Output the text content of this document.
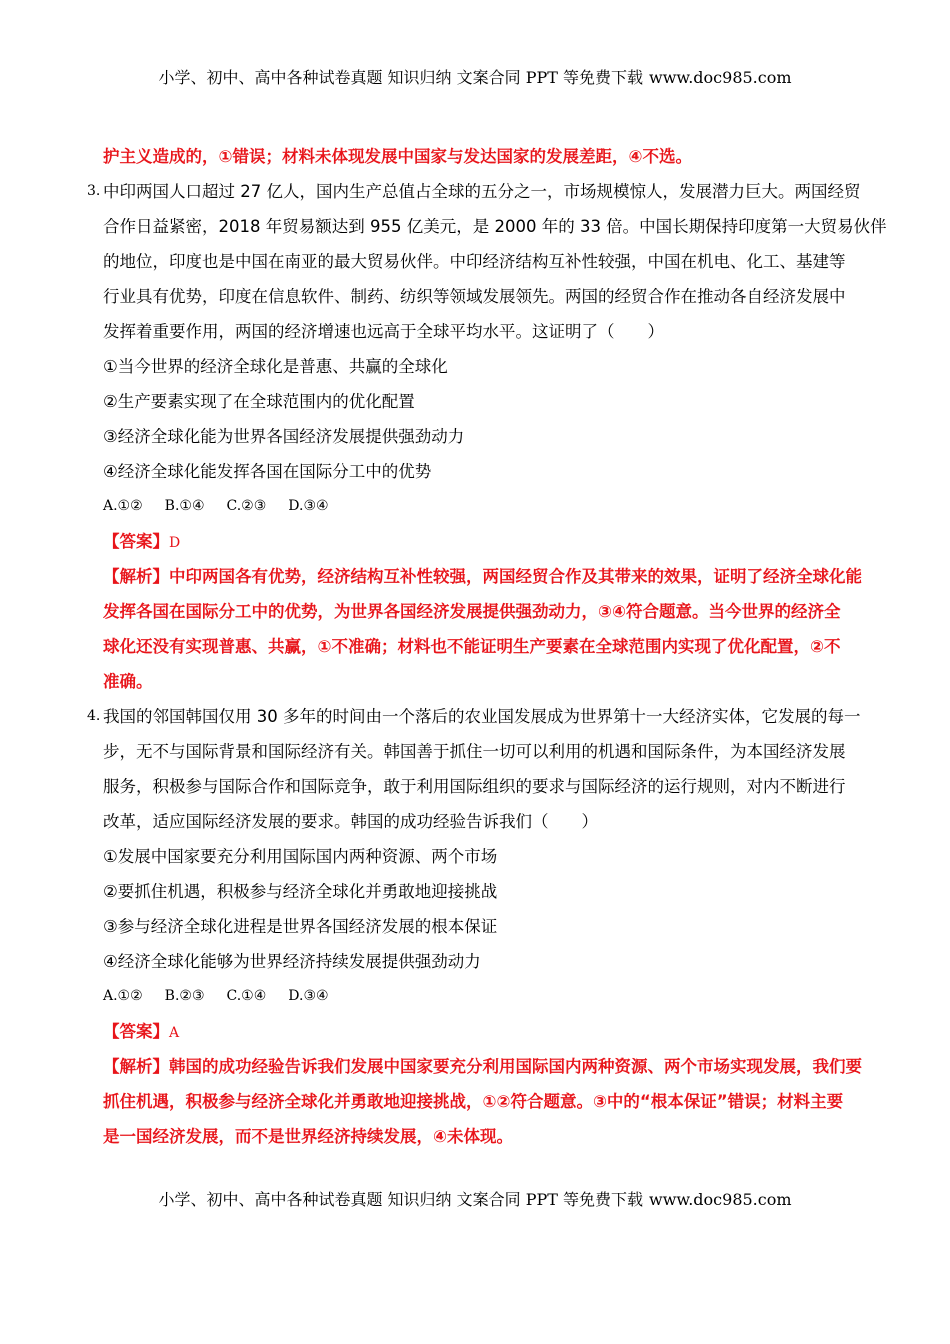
小学、初中、高中各种试卷真题 知识归纳 文案合同 PPT 等免费下载 www.doc985.com
护主义造成的，①错误；材料未体现发展中国家与发达国家的发展差距，④不选。
3. 中印两国人口超过 27 亿人，国内生产总值占全球的五分之一，市场规模惊人，发展潜力巨大。两国经贸
合作日益紧密，2018 年贸易额达到 955 亿美元，是 2000 年的 33 倍。中国长期保持印度第一大贸易伙伴
的地位，印度也是中国在南亚的最大贸易伙伴。中印经济结构互补性较强，中国在机电、化工、基建等
行业具有优势，印度在信息软件、制药、纺织等领域发展领先。两国的经贸合作在推动各自经济发展中
发挥着重要作用，两国的经济增速也远高于全球平均水平。这证明了（　　）
①当今世界的经济全球化是普惠、共赢的全球化
②生产要素实现了在全球范围内的优化配置
③经济全球化能为世界各国经济发展提供强劲动力
④经济全球化能发挥各国在国际分工中的优势
A.①② B.①④ C.②③ D.③④
【答案】D
【解析】中印两国各有优势，经济结构互补性较强，两国经贸合作及其带来的效果，证明了经济全球化能
发挥各国在国际分工中的优势，为世界各国经济发展提供强劲动力，③④符合题意。当今世界的经济全
球化还没有实现普惠、共赢，①不准确；材料也不能证明生产要素在全球范围内实现了优化配置，②不
准确。
4. 我国的邻国韩国仅用 30 多年的时间由一个落后的农业国发展成为世界第十一大经济实体，它发展的每一
步，无不与国际背景和国际经济有关。韩国善于抓住一切可以利用的机遇和国际条件，为本国经济发展
服务，积极参与国际合作和国际竞争，敢于利用国际组织的要求与国际经济的运行规则，对内不断进行
改革，适应国际经济发展的要求。韩国的成功经验告诉我们（　　）
①发展中国家要充分利用国际国内两种资源、两个市场
②要抓住机遇，积极参与经济全球化并勇敢地迎接挑战
③参与经济全球化进程是世界各国经济发展的根本保证
④经济全球化能够为世界经济持续发展提供强劲动力
A.①② B.②③ C.①④ D.③④
【答案】A
【解析】韩国的成功经验告诉我们发展中国家要充分利用国际国内两种资源、两个市场实现发展，我们要
抓住机遇，积极参与经济全球化并勇敢地迎接挑战，①②符合题意。③中的“根本保证”错误；材料主要
是一国经济发展，而不是世界经济持续发展，④未体现。
小学、初中、高中各种试卷真题 知识归纳 文案合同 PPT 等免费下载 www.doc985.com
